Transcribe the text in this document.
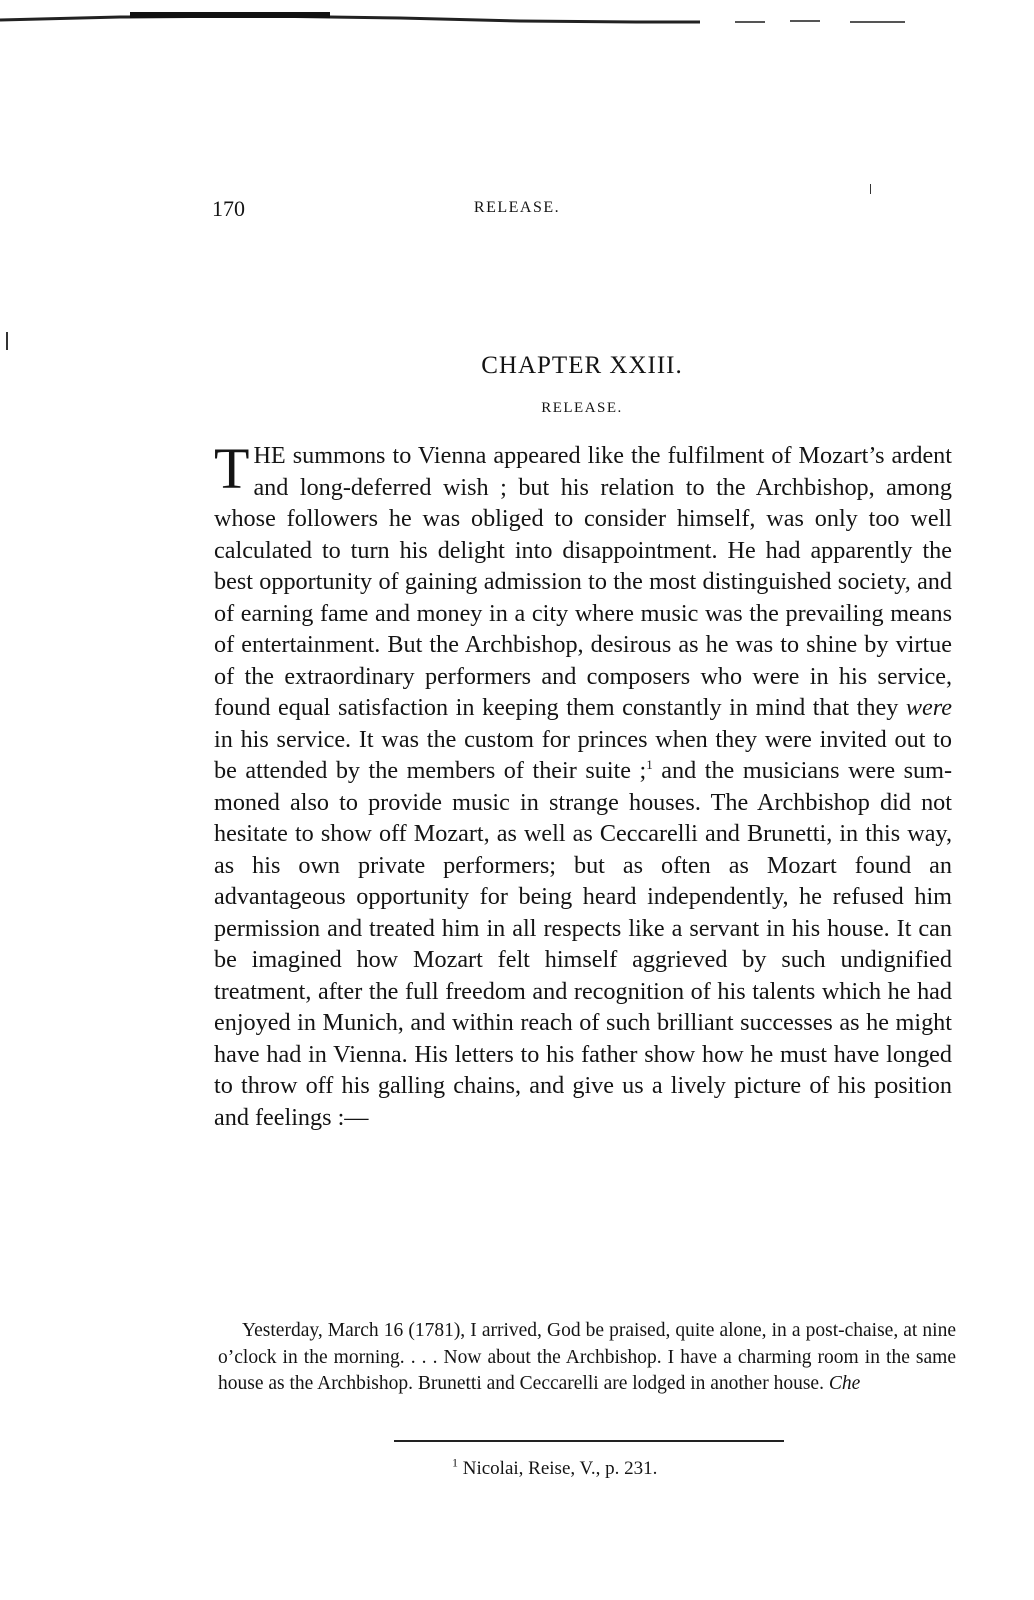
170	RELEASE.
CHAPTER XXIII.
RELEASE.

THE summons to Vienna appeared like the fulfilment of Mozart’s ardent and long-deferred wish ; but his relation to the Archbishop, among whose followers he was obliged to consider himself, was only too well calculated to turn his delight into disappointment. He had apparently the best opportunity of gaining admission to the most distinguished society, and of earning fame and money in a city where music was the prevailing means of entertainment. But the Archbishop, desirous as he was to shine by virtue of the extraordinary performers and composers who were in his service, found equal satisfaction in keeping them constantly in mind that they were in his service. It was the custom for princes when they were invited out to be attended by the members of their suite ;$^1$ and the musicians were summoned also to provide music in strange houses. The Archbishop did not hesitate to show off Mozart, as well as Ceccarelli and Brunetti, in this way, as his own private performers; but as often as Mozart found an advantageous opportunity for being heard independently, he refused him permission and treated him in all respects like a servant in his house. It can be imagined how Mozart felt himself aggrieved by such undignified treatment, after the full freedom and recognition of his talents which he had enjoyed in Munich, and within reach of such brilliant successes as he might have had in Vienna. His letters to his father show how he must have longed to throw off his galling chains, and give us a lively picture of his position and feelings :—

Yesterday, March 16 (1781), I arrived, God be praised, quite alone, in a post-chaise, at nine o’clock in the morning. . . . Now about the Archbishop. I have a charming room in the same house as the Archbishop. Brunetti and Ceccarelli are lodged in another house. Che

$^1$ Nicolai, Reise, V., p. 231.
